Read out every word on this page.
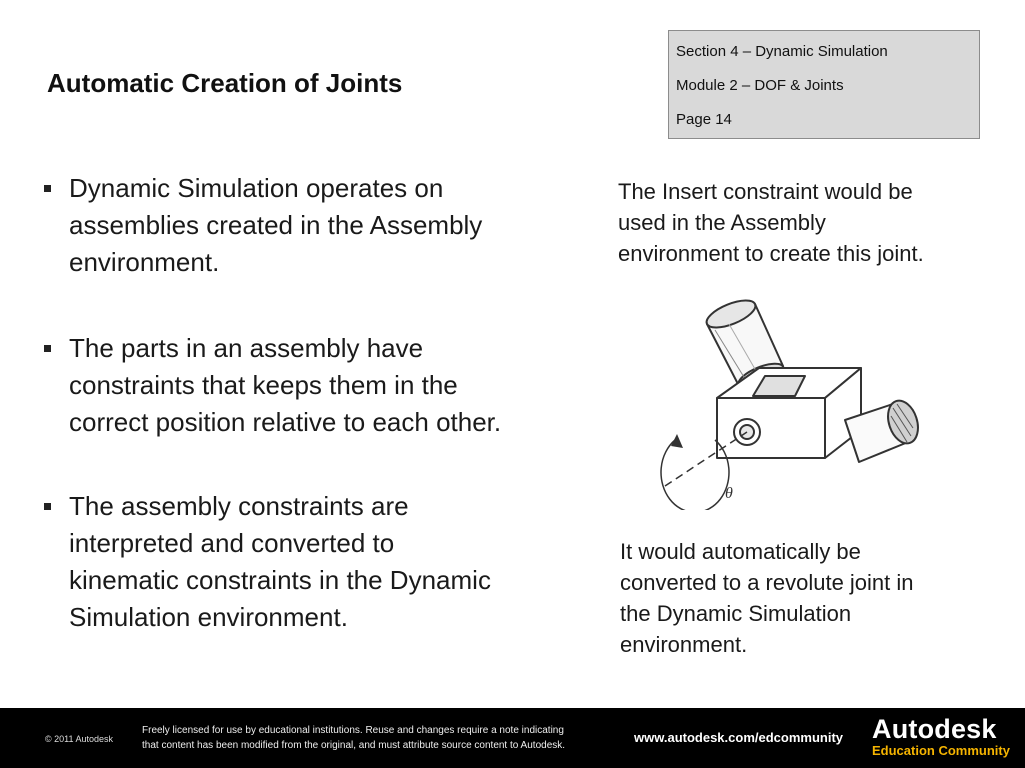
Automatic Creation of Joints
Section 4 – Dynamic Simulation
Module 2 – DOF & Joints
Page 14
Dynamic Simulation operates on
assemblies created in the Assembly
environment.
The parts in an assembly have
constraints that keeps them in the
correct position relative to each other.
The assembly constraints are
interpreted and converted to
kinematic constraints in the Dynamic
Simulation environment.
The Insert constraint would be
used in the Assembly
environment to create this joint.
θ
It would automatically be
converted to a revolute joint in
the Dynamic Simulation
environment.
© 2011 Autodesk
Freely licensed for use by educational institutions. Reuse and changes require a note indicating
that content has been modified from the original, and must attribute source content to Autodesk.
www.autodesk.com/edcommunity Autodesk
Education Community
